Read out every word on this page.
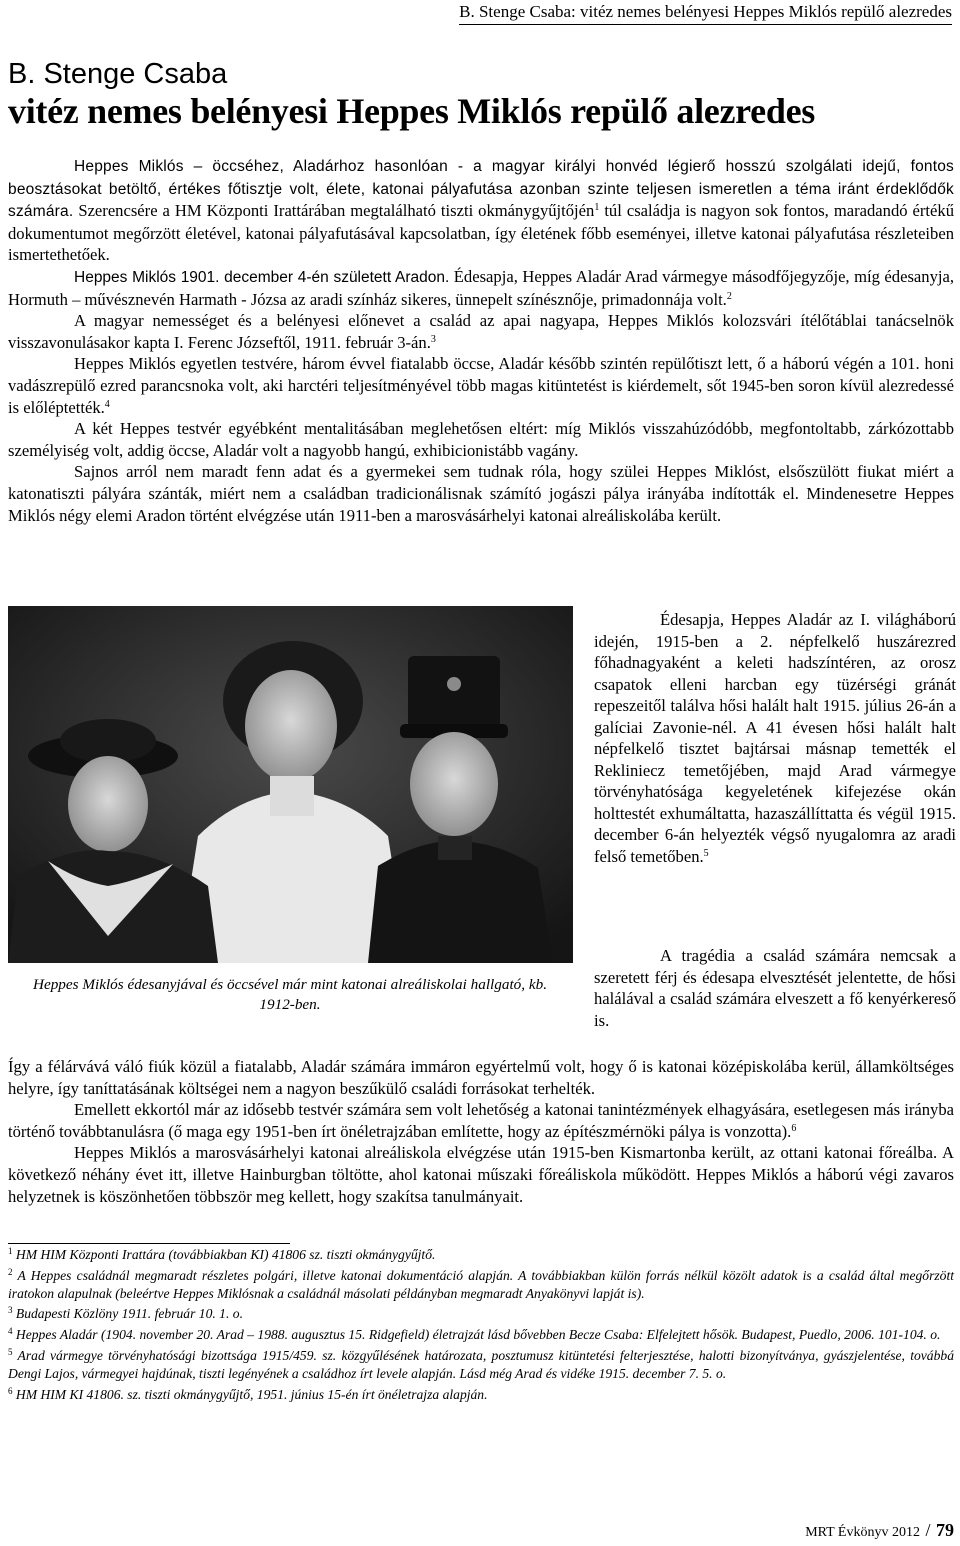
B. Stenge Csaba: vitéz nemes belényesi Heppes Miklós repülő alezredes
B. Stenge Csaba
vitéz nemes belényesi Heppes Miklós repülő alezredes

Heppes Miklós – öccséhez, Aladárhoz hasonlóan - a magyar királyi honvéd légierő hosszú szolgálati idejű, fontos beosztásokat betöltő, értékes főtisztje volt, élete, katonai pályafutása azonban szinte teljesen ismeretlen a téma iránt érdeklődők számára. Szerencsére a HM Központi Irattárában megtalálható tiszti okmánygyűjtőjén$^1$ túl családja is nagyon sok fontos, maradandó értékű dokumentumot megőrzött életével, katonai pályafutásával kapcsolatban, így életének főbb eseményei, illetve katonai pályafutása részleteiben ismertethetőek.

Heppes Miklós 1901. december 4-én született Aradon. Édesapja, Heppes Aladár Arad vármegye másodfőjegyzője, míg édesanyja, Hormuth – művésznevén Harmath - Józsa az aradi színház sikeres, ünnepelt színésznője, primadonnája volt.$^2$

A magyar nemességet és a belényesi előnevet a család az apai nagyapa, Heppes Miklós kolozsvári ítélőtáblai tanácselnök visszavonulásakor kapta I. Ferenc Józseftől, 1911. február 3-án.$^3$

Heppes Miklós egyetlen testvére, három évvel fiatalabb öccse, Aladár később szintén repülőtiszt lett, ő a háború végén a 101. honi vadászrepülő ezred parancsnoka volt, aki harctéri teljesítményével több magas kitüntetést is kiérdemelt, sőt 1945-ben soron kívül alezredessé is előléptették.$^4$

A két Heppes testvér egyébként mentalitásában meglehetősen eltért: míg Miklós visszahúzódóbb, megfontoltabb, zárkózottabb személyiség volt, addig öccse, Aladár volt a nagyobb hangú, exhibicionistább vagány.

Sajnos arról nem maradt fenn adat és a gyermekei sem tudnak róla, hogy szülei Heppes Miklóst, elsőszülött fiukat miért a katonatiszti pályára szánták, miért nem a családban tradicionálisnak számító jogászi pálya irányába indították el. Mindenesetre Heppes Miklós négy elemi Aradon történt elvégzése után 1911-ben a marosvásárhelyi katonai alreáliskolába került.

Heppes Miklós édesanyjával és öccsével már mint katonai alreáliskolai hallgató, kb. 1912-ben.

Édesapja, Heppes Aladár az I. világháború idején, 1915-ben a 2. népfelkelő huszárezred főhadnagyaként a keleti hadszíntéren, az orosz csapatok elleni harcban egy tüzérségi gránát repeszeitől találva hősi halált halt 1915. július 26-án a galíciai Zavonie-nél. A 41 évesen hősi halált halt népfelkelő tisztet bajtársai másnap temették el Rekliniecz temetőjében, majd Arad vármegye törvényhatósága kegyeletének kifejezése okán holttestét exhumáltatta, hazaszállíttatta és végül 1915. december 6-án helyezték végső nyugalomra az aradi felső temetőben.$^5$

A tragédia a család számára nemcsak a szeretett férj és édesapa elvesztését jelentette, de hősi halálával a család számára elveszett a fő kenyérkereső is.

Így a félárvává váló fiúk közül a fiatalabb, Aladár számára immáron egyértelmű volt, hogy ő is katonai középiskolába kerül, államköltséges helyre, így taníttatásának költségei nem a nagyon beszűkülő családi forrásokat terhelték.

Emellett ekkortól már az idősebb testvér számára sem volt lehetőség a katonai tanintézmények elhagyására, esetlegesen más irányba történő továbbtanulásra (ő maga egy 1951-ben írt önéletrajzában említette, hogy az építészmérnöki pálya is vonzotta).$^6$

Heppes Miklós a marosvásárhelyi katonai alreáliskola elvégzése után 1915-ben Kismartonba került, az ottani katonai főreálba. A következő néhány évet itt, illetve Hainburgban töltötte, ahol katonai műszaki főreáliskola működött. Heppes Miklós a háború végi zavaros helyzetnek is köszönhetően többször meg kellett, hogy szakítsa tanulmányait.

$^1$ HM HIM Központi Irattára (továbbiakban KI) 41806 sz. tiszti okmánygyűjtő.

$^2$ A Heppes családnál megmaradt részletes polgári, illetve katonai dokumentáció alapján. A továbbiakban külön forrás nélkül közölt adatok is a család által megőrzött iratokon alapulnak (beleértve Heppes Miklósnak a családnál másolati példányban megmaradt Anyakönyvi lapját is).

$^3$ Budapesti Közlöny 1911. február 10. 1. o.

$^4$ Heppes Aladár (1904. november 20. Arad – 1988. augusztus 15. Ridgefield) életrajzát lásd bővebben Becze Csaba: Elfelejtett hősök. Budapest, Puedlo, 2006. 101-104. o.

$^5$ Arad vármegye törvényhatósági bizottsága 1915/459. sz. közgyűlésének határozata, posztumusz kitüntetési felterjesztése, halotti bizonyítványa, gyászjelentése, továbbá Dengi Lajos, vármegyei hajdúnak, tiszti legényének a családhoz írt levele alapján. Lásd még Arad és vidéke 1915. december 7. 5. o.

$^6$ HM HIM KI 41806. sz. tiszti okmánygyűjtő, 1951. június 15-én írt önéletrajza alapján.

MRT Évkönyv 2012 / 79
